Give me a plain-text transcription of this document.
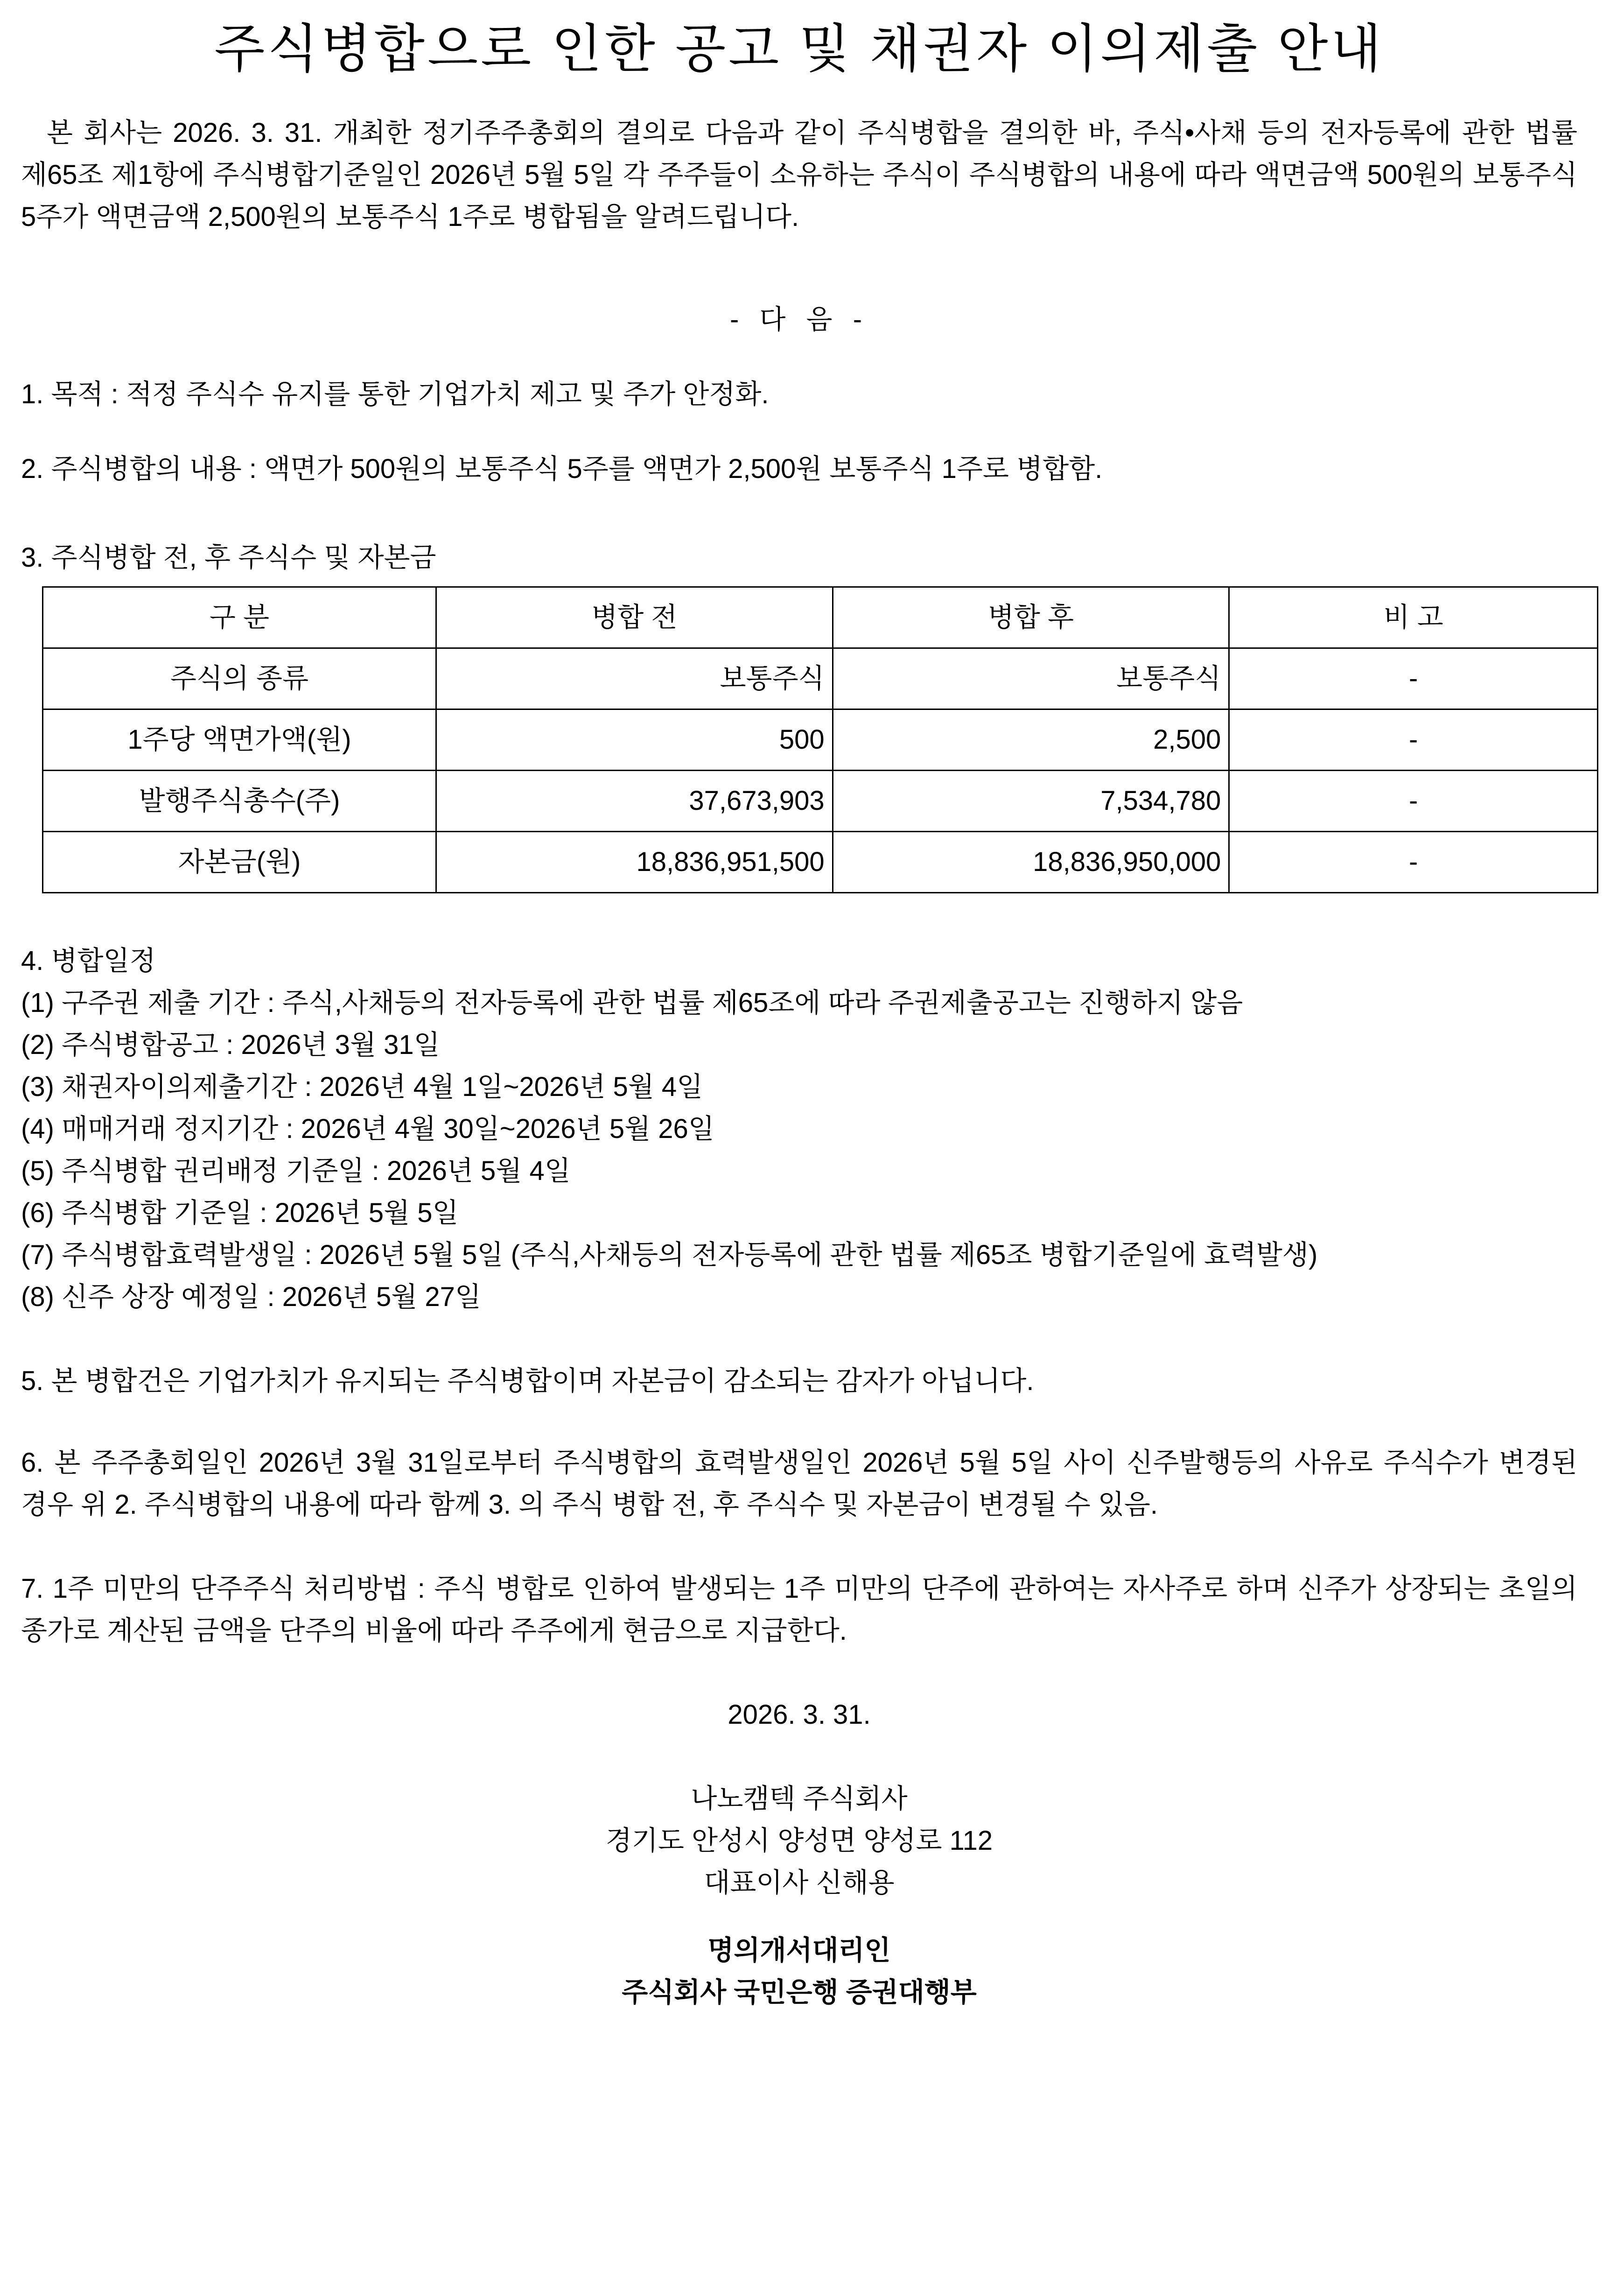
주식병합으로 인한 공고 및 채권자 이의제출 안내

본 회사는 2026. 3. 31. 개최한 정기주주총회의 결의로 다음과 같이 주식병합을 결의한 바, 주식•사채 등의 전자등록에 관한 법률 제65조 제1항에 주식병합기준일인 2026년 5월 5일 각 주주들이 소유하는 주식이 주식병합의 내용에 따라 액면금액 500원의 보통주식 5주가 액면금액 2,500원의 보통주식 1주로 병합됨을 알려드립니다.

- 다 음 -

1. 목적 : 적정 주식수 유지를 통한 기업가치 제고 및 주가 안정화.

2. 주식병합의 내용 : 액면가 500원의 보통주식 5주를 액면가 2,500원 보통주식 1주로 병합함.

3. 주식병합 전, 후 주식수 및 자본금

구 분	병합 전	병합 후	비 고
주식의 종류	보통주식	보통주식	-
1주당 액면가액(원)	500	2,500	-
발행주식총수(주)	37,673,903	7,534,780	-
자본금(원)	18,836,951,500	18,836,950,000	-

4. 병합일정

(1) 구주권 제출 기간 : 주식,사채등의 전자등록에 관한 법률 제65조에 따라 주권제출공고는 진행하지 않음

(2) 주식병합공고 : 2026년 3월 31일

(3) 채권자이의제출기간 : 2026년 4월 1일~2026년 5월 4일

(4) 매매거래 정지기간 : 2026년 4월 30일~2026년 5월 26일

(5) 주식병합 권리배정 기준일 : 2026년 5월 4일

(6) 주식병합 기준일 : 2026년 5월 5일

(7) 주식병합효력발생일 : 2026년 5월 5일 (주식,사채등의 전자등록에 관한 법률 제65조 병합기준일에 효력발생)

(8) 신주 상장 예정일 : 2026년 5월 27일

5. 본 병합건은 기업가치가 유지되는 주식병합이며 자본금이 감소되는 감자가 아닙니다.

6. 본 주주총회일인 2026년 3월 31일로부터 주식병합의 효력발생일인 2026년 5월 5일 사이 신주발행등의 사유로 주식수가 변경된 경우 위 2. 주식병합의 내용에 따라 함께 3. 의 주식 병합 전, 후 주식수 및 자본금이 변경될 수 있음.

7. 1주 미만의 단주주식 처리방법 : 주식 병합로 인하여 발생되는 1주 미만의 단주에 관하여는 자사주로 하며 신주가 상장되는 초일의 종가로 계산된 금액을 단주의 비율에 따라 주주에게 현금으로 지급한다.

2026. 3. 31.

나노캠텍 주식회사

경기도 안성시 양성면 양성로 112

대표이사 신해용

명의개서대리인

주식회사 국민은행 증권대행부
